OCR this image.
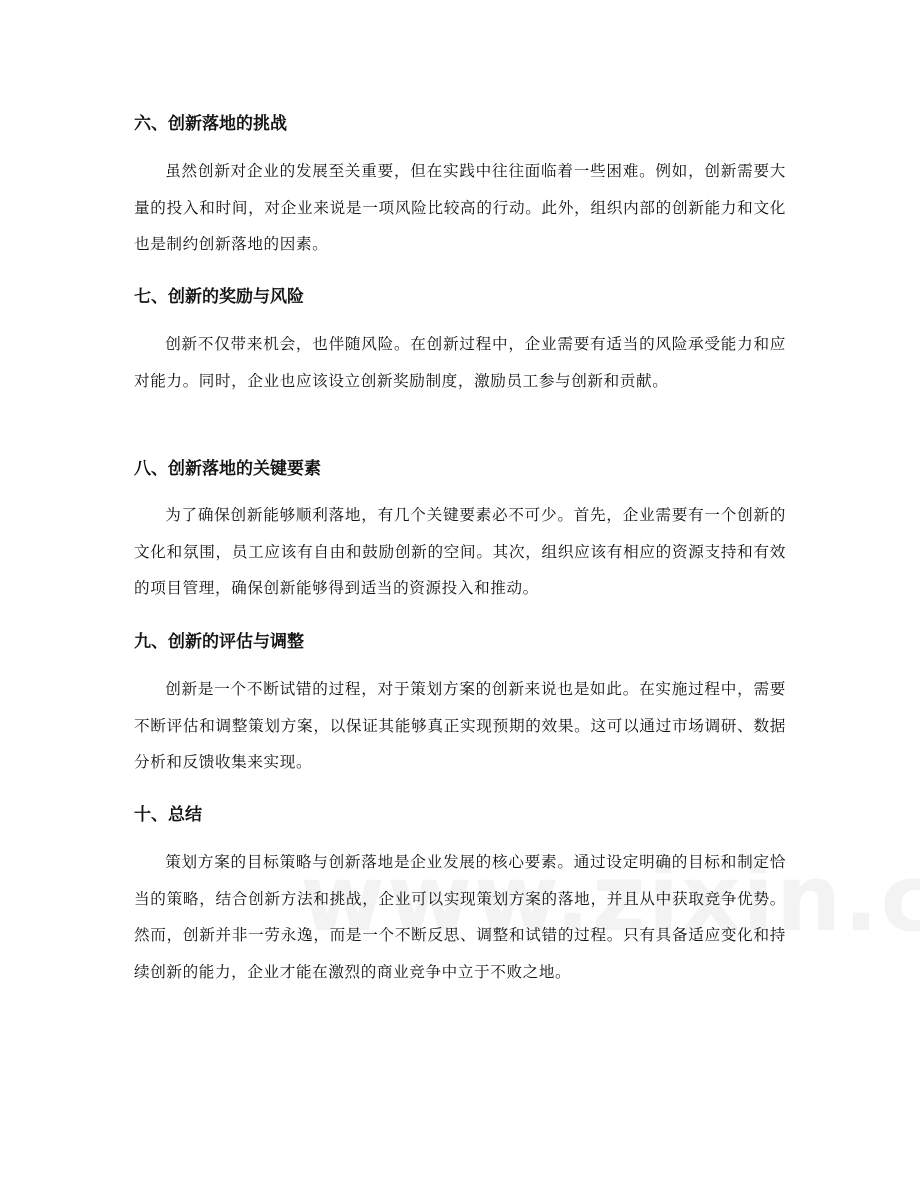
六、创新落地的挑战

虽然创新对企业的发展至关重要，但在实践中往往面临着一些困难。例如，创新需要大量的投入和时间，对企业来说是一项风险比较高的行动。此外，组织内部的创新能力和文化也是制约创新落地的因素。

七、创新的奖励与风险

创新不仅带来机会，也伴随风险。在创新过程中，企业需要有适当的风险承受能力和应对能力。同时，企业也应该设立创新奖励制度，激励员工参与创新和贡献。

八、创新落地的关键要素

为了确保创新能够顺利落地，有几个关键要素必不可少。首先，企业需要有一个创新的文化和氛围，员工应该有自由和鼓励创新的空间。其次，组织应该有相应的资源支持和有效的项目管理，确保创新能够得到适当的资源投入和推动。

九、创新的评估与调整

创新是一个不断试错的过程，对于策划方案的创新来说也是如此。在实施过程中，需要不断评估和调整策划方案，以保证其能够真正实现预期的效果。这可以通过市场调研、数据分析和反馈收集来实现。

十、总结

策划方案的目标策略与创新落地是企业发展的核心要素。通过设定明确的目标和制定恰当的策略，结合创新方法和挑战，企业可以实现策划方案的落地，并且从中获取竞争优势。然而，创新并非一劳永逸，而是一个不断反思、调整和试错的过程。只有具备适应变化和持续创新的能力，企业才能在激烈的商业竞争中立于不败之地。
